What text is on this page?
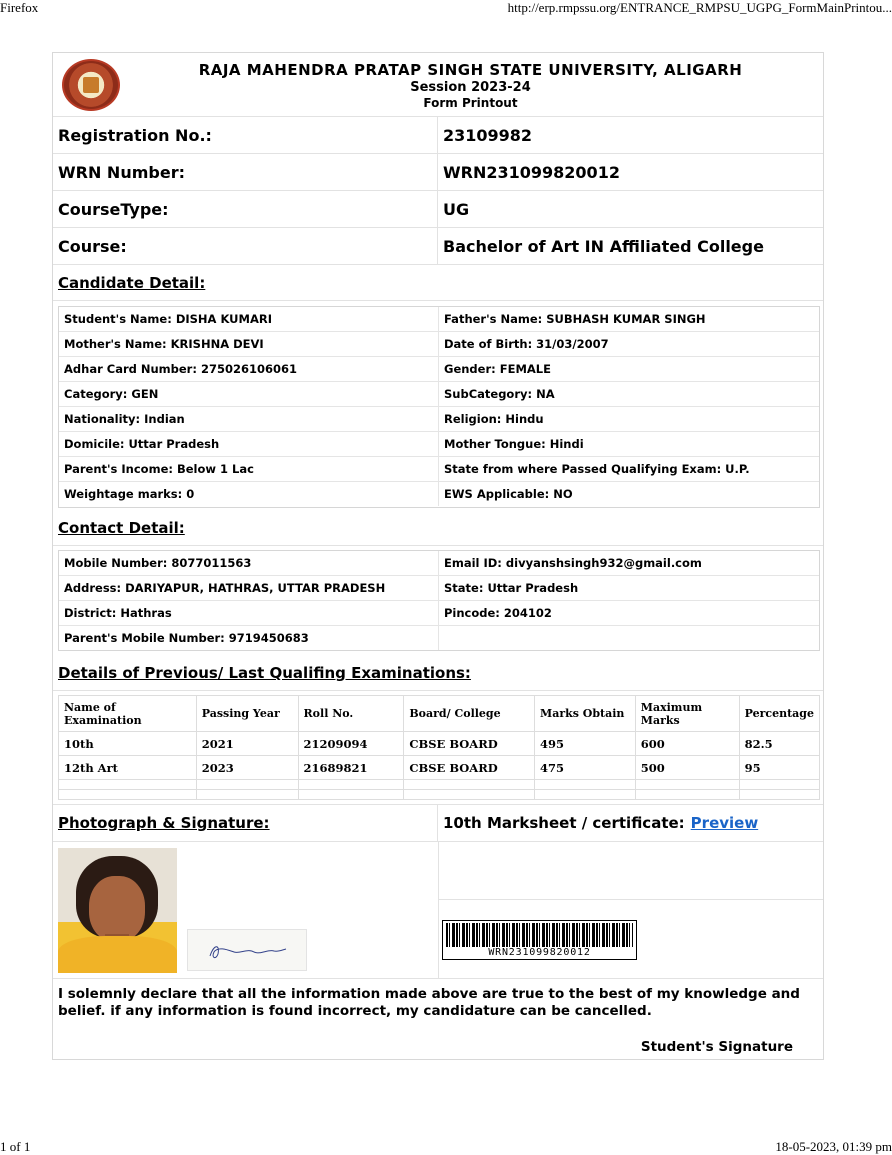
Firefox	http://erp.rmpssu.org/ENTRANCE_RMPSU_UGPG_FormMainPrintou...
RAJA MAHENDRA PRATAP SINGH STATE UNIVERSITY, ALIGARH
Session 2023-24
Form Printout
Registration No.:	23109982
WRN Number:	WRN231099820012
CourseType:	UG
Course:	Bachelor of Art IN Affiliated College
Candidate Detail:
Student's Name: DISHA KUMARI	Father's Name: SUBHASH KUMAR SINGH
Mother's Name: KRISHNA DEVI	Date of Birth: 31/03/2007
Adhar Card Number: 275026106061	Gender: FEMALE
Category: GEN	SubCategory: NA
Nationality: Indian	Religion: Hindu
Domicile: Uttar Pradesh	Mother Tongue: Hindi
Parent's Income: Below 1 Lac	State from where Passed Qualifying Exam: U.P.
Weightage marks: 0	EWS Applicable: NO
Contact Detail:
Mobile Number: 8077011563	Email ID: divyanshsingh932@gmail.com
Address: DARIYAPUR, HATHRAS, UTTAR PRADESH	State: Uttar Pradesh
District: Hathras	Pincode: 204102
Parent's Mobile Number: 9719450683
Details of Previous/ Last Qualifing Examinations:
Name of Examination	Passing Year	Roll No.	Board/ College	Marks Obtain	Maximum Marks	Percentage
10th	2021	21209094	CBSE BOARD	495	600	82.5
12th Art	2023	21689821	CBSE BOARD	475	500	95

Photograph & Signature:	10th Marksheet / certificate: Preview
WRN231099820012
I solemnly declare that all the information made above are true to the best of my knowledge and belief. if any information is found incorrect, my candidature can be cancelled.
Student's Signature
1 of 1	18-05-2023, 01:39 pm
